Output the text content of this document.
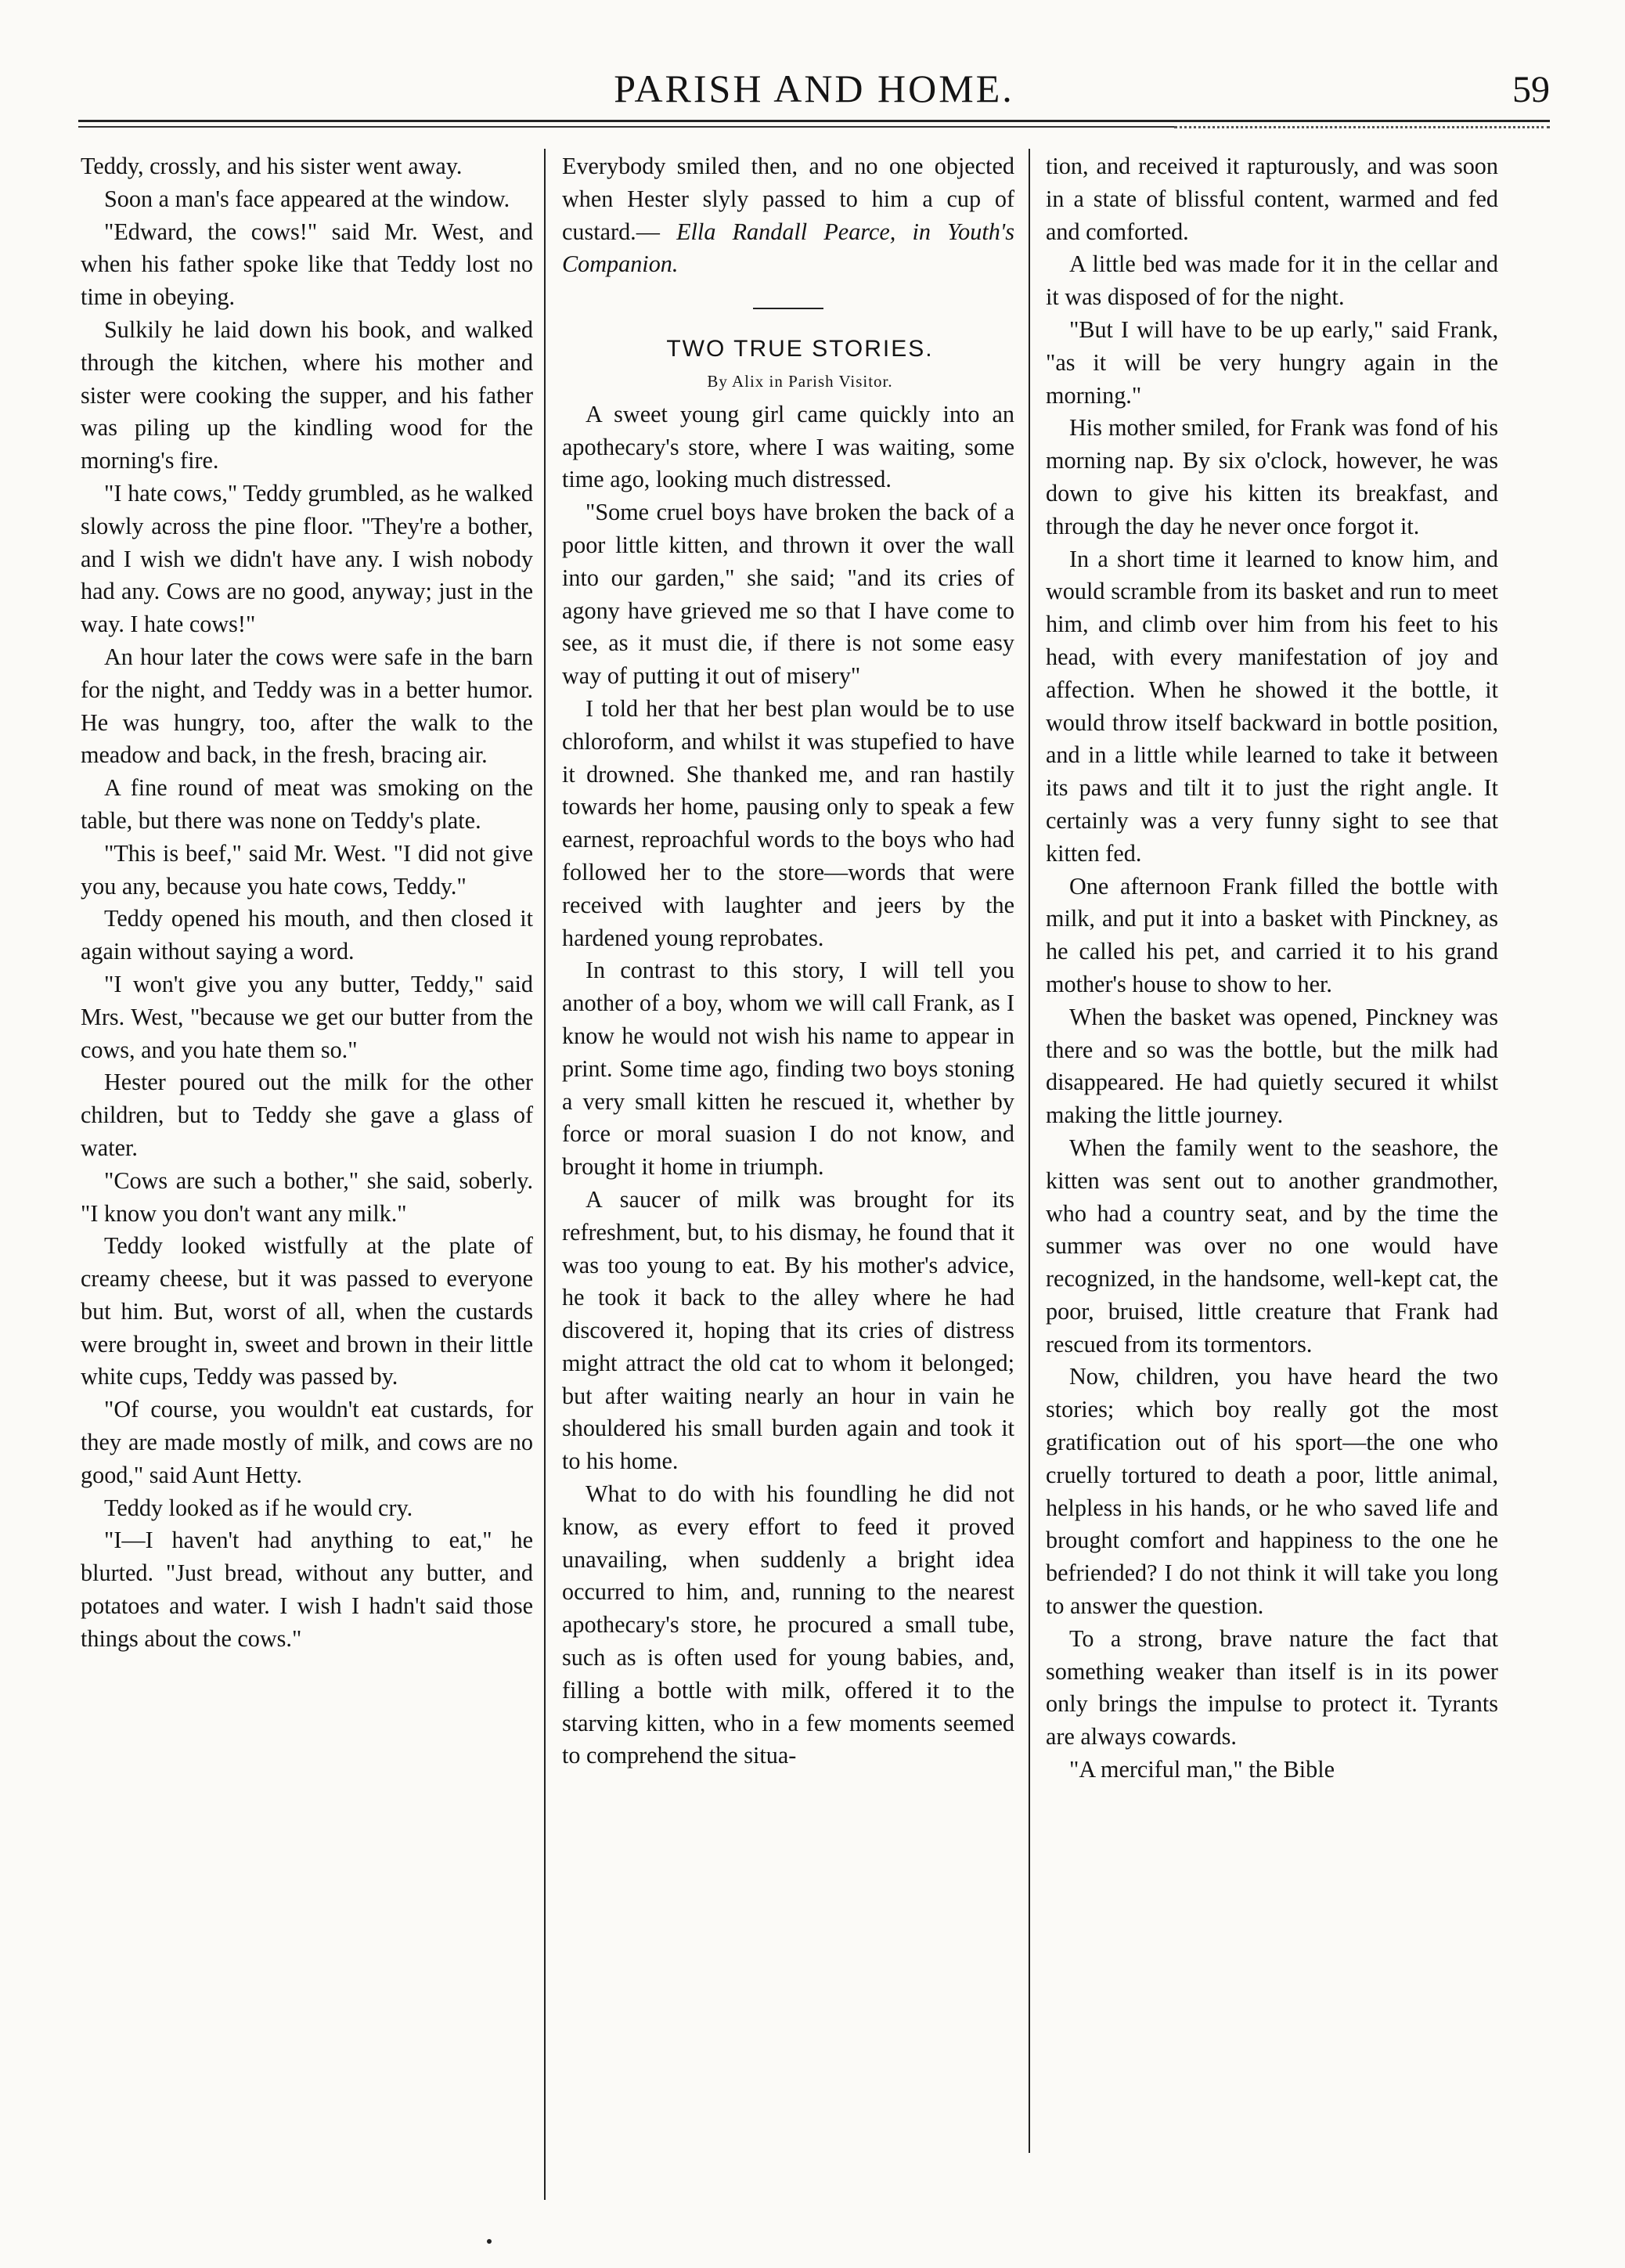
PARISH AND HOME.	59

Teddy, crossly, and his sister went away.

Soon a man's face appeared at the window.

"Edward, the cows!" said Mr. West, and when his father spoke like that Teddy lost no time in obeying.

Sulkily he laid down his book, and walked through the kitchen, where his mother and sister were cooking the supper, and his father was piling up the kindling wood for the morning's fire.

"I hate cows," Teddy grumbled, as he walked slowly across the pine floor. "They're a bother, and I wish we didn't have any. I wish nobody had any. Cows are no good, anyway; just in the way. I hate cows!"

An hour later the cows were safe in the barn for the night, and Teddy was in a better humor. He was hungry, too, after the walk to the meadow and back, in the fresh, bracing air.

A fine round of meat was smoking on the table, but there was none on Teddy's plate.

"This is beef," said Mr. West. "I did not give you any, because you hate cows, Teddy."

Teddy opened his mouth, and then closed it again without saying a word.

"I won't give you any butter, Teddy," said Mrs. West, "because we get our butter from the cows, and you hate them so."

Hester poured out the milk for the other children, but to Teddy she gave a glass of water.

"Cows are such a bother," she said, soberly. "I know you don't want any milk."

Teddy looked wistfully at the plate of creamy cheese, but it was passed to everyone but him. But, worst of all, when the custards were brought in, sweet and brown in their little white cups, Teddy was passed by.

"Of course, you wouldn't eat custards, for they are made mostly of milk, and cows are no good," said Aunt Hetty.

Teddy looked as if he would cry.

"I—I haven't had anything to eat," he blurted. "Just bread, without any butter, and potatoes and water. I wish I hadn't said those things about the cows."

Everybody smiled then, and no one objected when Hester slyly passed to him a cup of custard.— Ella Randall Pearce, in Youth's Companion.

TWO TRUE STORIES.

By Alix in Parish Visitor.

A sweet young girl came quickly into an apothecary's store, where I was waiting, some time ago, looking much distressed.

"Some cruel boys have broken the back of a poor little kitten, and thrown it over the wall into our garden," she said; "and its cries of agony have grieved me so that I have come to see, as it must die, if there is not some easy way of putting it out of misery"

I told her that her best plan would be to use chloroform, and whilst it was stupefied to have it drowned. She thanked me, and ran hastily towards her home, pausing only to speak a few earnest, reproachful words to the boys who had followed her to the store—words that were received with laughter and jeers by the hardened young reprobates.

In contrast to this story, I will tell you another of a boy, whom we will call Frank, as I know he would not wish his name to appear in print. Some time ago, finding two boys stoning a very small kitten he rescued it, whether by force or moral suasion I do not know, and brought it home in triumph.

A saucer of milk was brought for its refreshment, but, to his dismay, he found that it was too young to eat. By his mother's advice, he took it back to the alley where he had discovered it, hoping that its cries of distress might attract the old cat to whom it belonged; but after waiting nearly an hour in vain he shouldered his small burden again and took it to his home.

What to do with his foundling he did not know, as every effort to feed it proved unavailing, when suddenly a bright idea occurred to him, and, running to the nearest apothecary's store, he procured a small tube, such as is often used for young babies, and, filling a bottle with milk, offered it to the starving kitten, who in a few moments seemed to comprehend the situa-

tion, and received it rapturously, and was soon in a state of blissful content, warmed and fed and comforted.

A little bed was made for it in the cellar and it was disposed of for the night.

"But I will have to be up early," said Frank, "as it will be very hungry again in the morning."

His mother smiled, for Frank was fond of his morning nap. By six o'clock, however, he was down to give his kitten its breakfast, and through the day he never once forgot it.

In a short time it learned to know him, and would scramble from its basket and run to meet him, and climb over him from his feet to his head, with every manifestation of joy and affection. When he showed it the bottle, it would throw itself backward in bottle position, and in a little while learned to take it between its paws and tilt it to just the right angle. It certainly was a very funny sight to see that kitten fed.

One afternoon Frank filled the bottle with milk, and put it into a basket with Pinckney, as he called his pet, and carried it to his grand mother's house to show to her.

When the basket was opened, Pinckney was there and so was the bottle, but the milk had disappeared. He had quietly secured it whilst making the little journey.

When the family went to the seashore, the kitten was sent out to another grandmother, who had a country seat, and by the time the summer was over no one would have recognized, in the handsome, well-kept cat, the poor, bruised, little creature that Frank had rescued from its tormentors.

Now, children, you have heard the two stories; which boy really got the most gratification out of his sport—the one who cruelly tortured to death a poor, little animal, helpless in his hands, or he who saved life and brought comfort and happiness to the one he befriended? I do not think it will take you long to answer the question.

To a strong, brave nature the fact that something weaker than itself is in its power only brings the impulse to protect it. Tyrants are always cowards.

"A merciful man," the Bible
